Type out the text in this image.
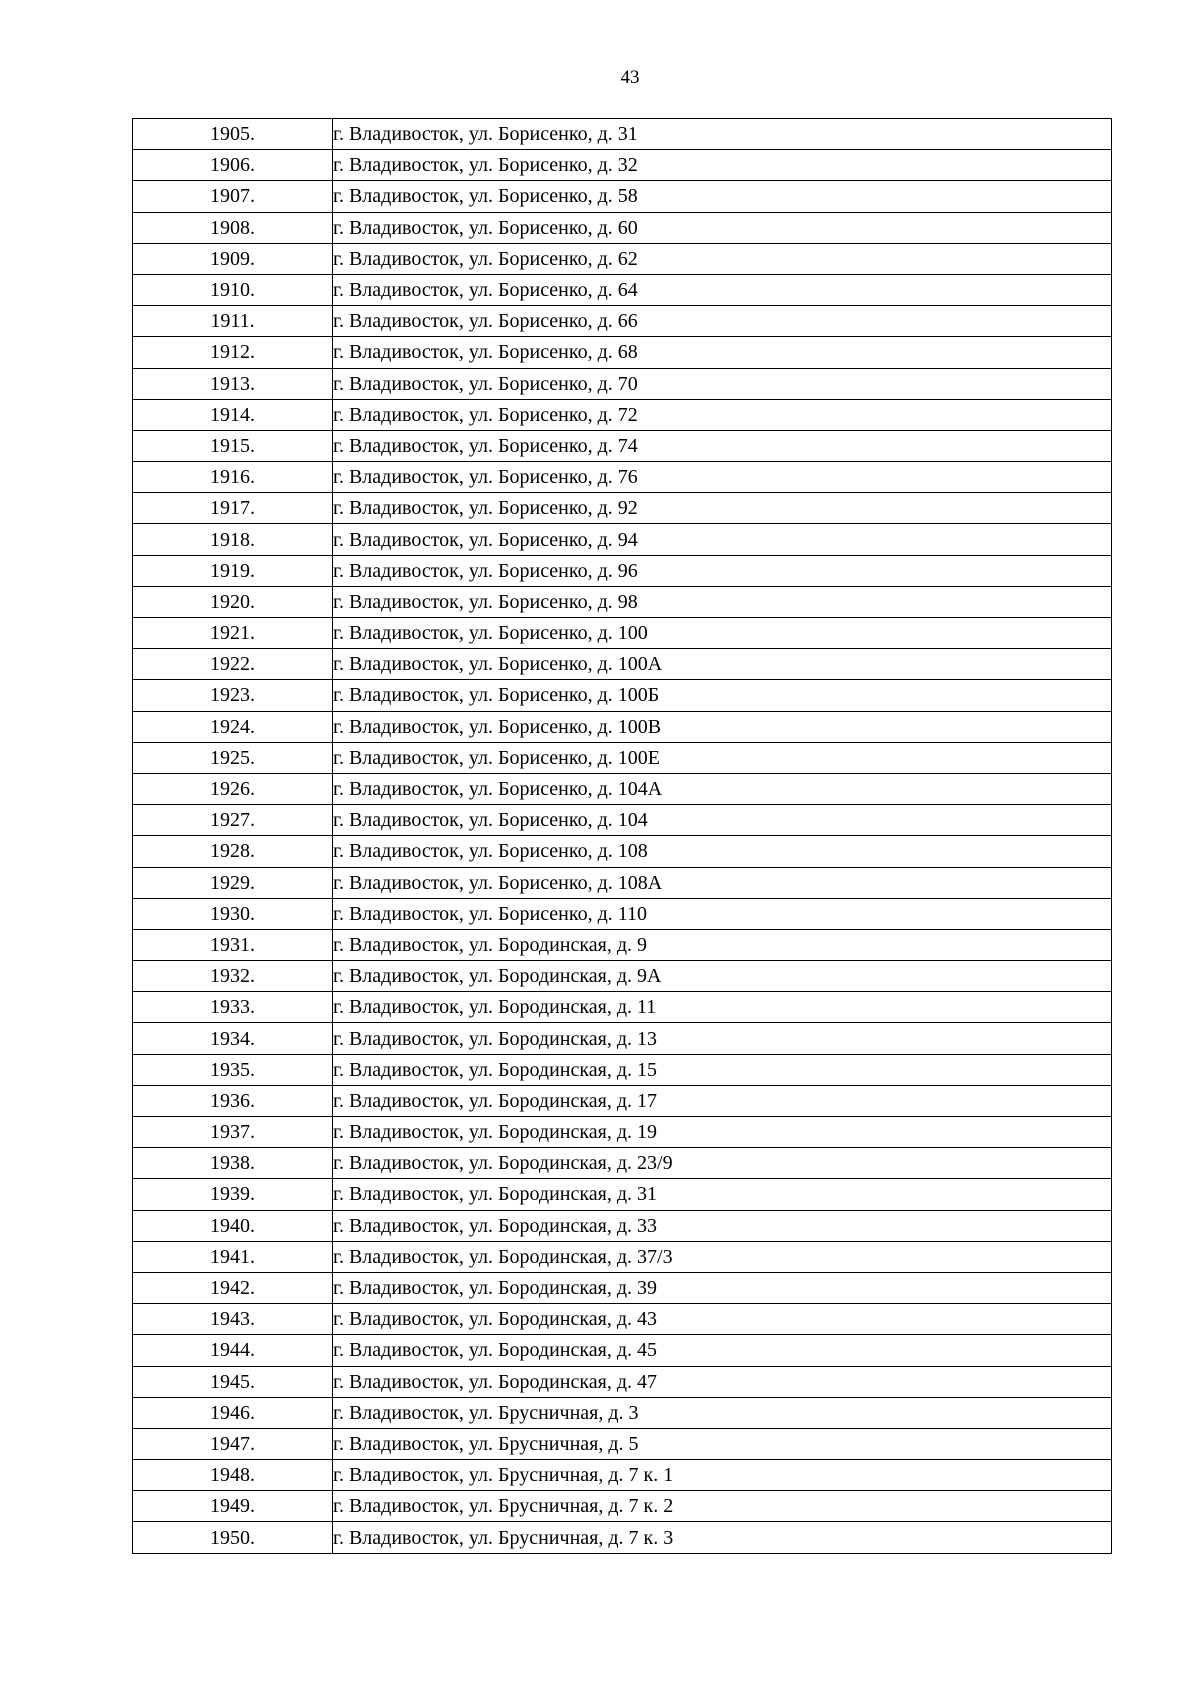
43
1905.	г. Владивосток, ул. Борисенко, д. 31
1906.	г. Владивосток, ул. Борисенко, д. 32
1907.	г. Владивосток, ул. Борисенко, д. 58
1908.	г. Владивосток, ул. Борисенко, д. 60
1909.	г. Владивосток, ул. Борисенко, д. 62
1910.	г. Владивосток, ул. Борисенко, д. 64
1911.	г. Владивосток, ул. Борисенко, д. 66
1912.	г. Владивосток, ул. Борисенко, д. 68
1913.	г. Владивосток, ул. Борисенко, д. 70
1914.	г. Владивосток, ул. Борисенко, д. 72
1915.	г. Владивосток, ул. Борисенко, д. 74
1916.	г. Владивосток, ул. Борисенко, д. 76
1917.	г. Владивосток, ул. Борисенко, д. 92
1918.	г. Владивосток, ул. Борисенко, д. 94
1919.	г. Владивосток, ул. Борисенко, д. 96
1920.	г. Владивосток, ул. Борисенко, д. 98
1921.	г. Владивосток, ул. Борисенко, д. 100
1922.	г. Владивосток, ул. Борисенко, д. 100А
1923.	г. Владивосток, ул. Борисенко, д. 100Б
1924.	г. Владивосток, ул. Борисенко, д. 100В
1925.	г. Владивосток, ул. Борисенко, д. 100Е
1926.	г. Владивосток, ул. Борисенко, д. 104А
1927.	г. Владивосток, ул. Борисенко, д. 104
1928.	г. Владивосток, ул. Борисенко, д. 108
1929.	г. Владивосток, ул. Борисенко, д. 108А
1930.	г. Владивосток, ул. Борисенко, д. 110
1931.	г. Владивосток, ул. Бородинская, д. 9
1932.	г. Владивосток, ул. Бородинская, д. 9А
1933.	г. Владивосток, ул. Бородинская, д. 11
1934.	г. Владивосток, ул. Бородинская, д. 13
1935.	г. Владивосток, ул. Бородинская, д. 15
1936.	г. Владивосток, ул. Бородинская, д. 17
1937.	г. Владивосток, ул. Бородинская, д. 19
1938.	г. Владивосток, ул. Бородинская, д. 23/9
1939.	г. Владивосток, ул. Бородинская, д. 31
1940.	г. Владивосток, ул. Бородинская, д. 33
1941.	г. Владивосток, ул. Бородинская, д. 37/3
1942.	г. Владивосток, ул. Бородинская, д. 39
1943.	г. Владивосток, ул. Бородинская, д. 43
1944.	г. Владивосток, ул. Бородинская, д. 45
1945.	г. Владивосток, ул. Бородинская, д. 47
1946.	г. Владивосток, ул. Брусничная, д. 3
1947.	г. Владивосток, ул. Брусничная, д. 5
1948.	г. Владивосток, ул. Брусничная, д. 7 к. 1
1949.	г. Владивосток, ул. Брусничная, д. 7 к. 2
1950.	г. Владивосток, ул. Брусничная, д. 7 к. 3
